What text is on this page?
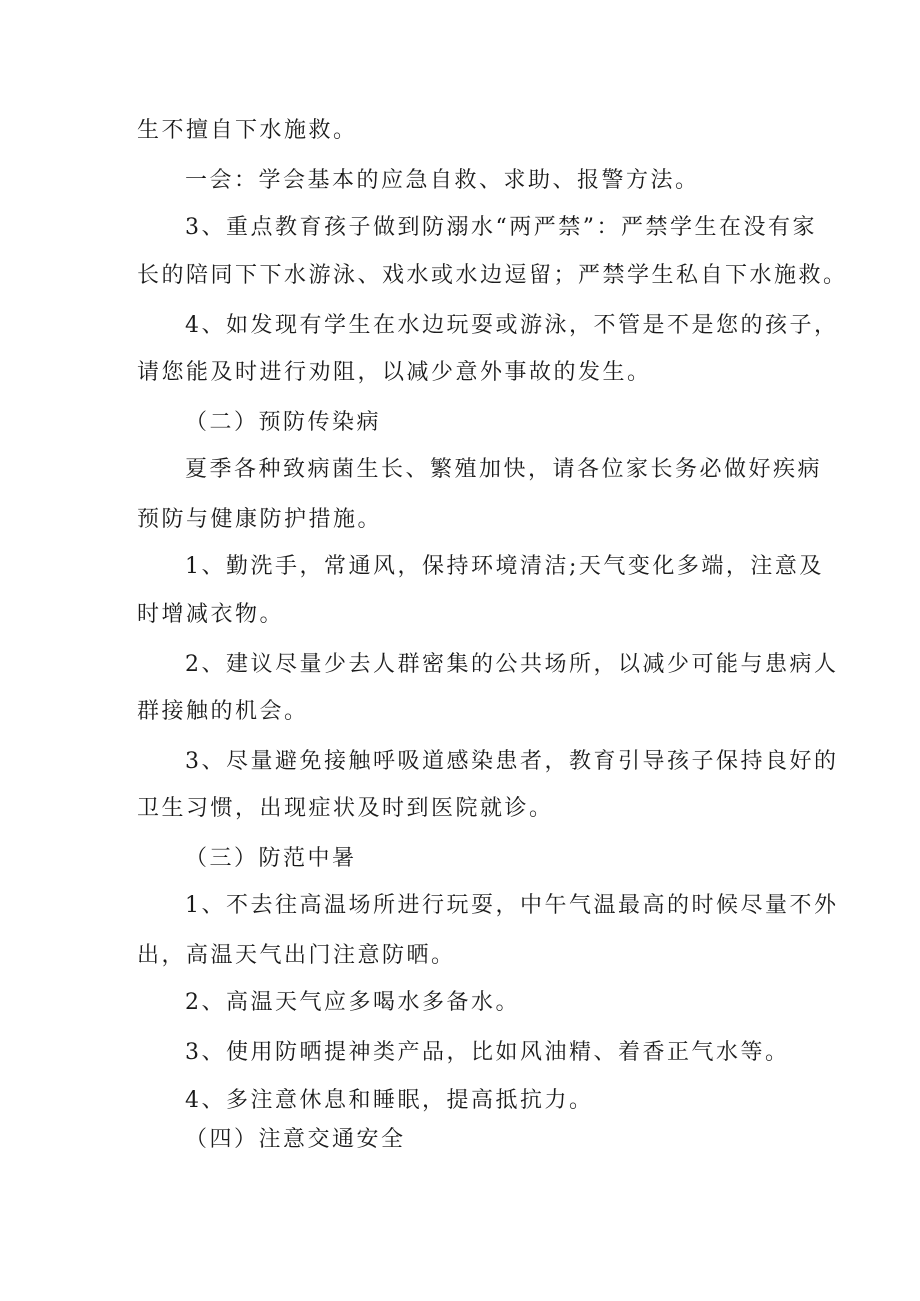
生不擅自下水施救。
一会：学会基本的应急自救、求助、报警方法。
3、重点教育孩子做到防溺水“两严禁”：严禁学生在没有家
长的陪同下下水游泳、戏水或水边逗留；严禁学生私自下水施救。
4、如发现有学生在水边玩耍或游泳，不管是不是您的孩子，
请您能及时进行劝阻，以减少意外事故的发生。
（二）预防传染病
夏季各种致病菌生长、繁殖加快，请各位家长务必做好疾病
预防与健康防护措施。
1、勤洗手，常通风，保持环境清洁;天气变化多端，注意及
时增减衣物。
2、建议尽量少去人群密集的公共场所，以减少可能与患病人
群接触的机会。
3、尽量避免接触呼吸道感染患者，教育引导孩子保持良好的
卫生习惯，出现症状及时到医院就诊。
（三）防范中暑
1、不去往高温场所进行玩耍，中午气温最高的时候尽量不外
出，高温天气出门注意防晒。
2、高温天气应多喝水多备水。
3、使用防晒提神类产品，比如风油精、着香正气水等。
4、多注意休息和睡眠，提高抵抗力。
（四）注意交通安全
